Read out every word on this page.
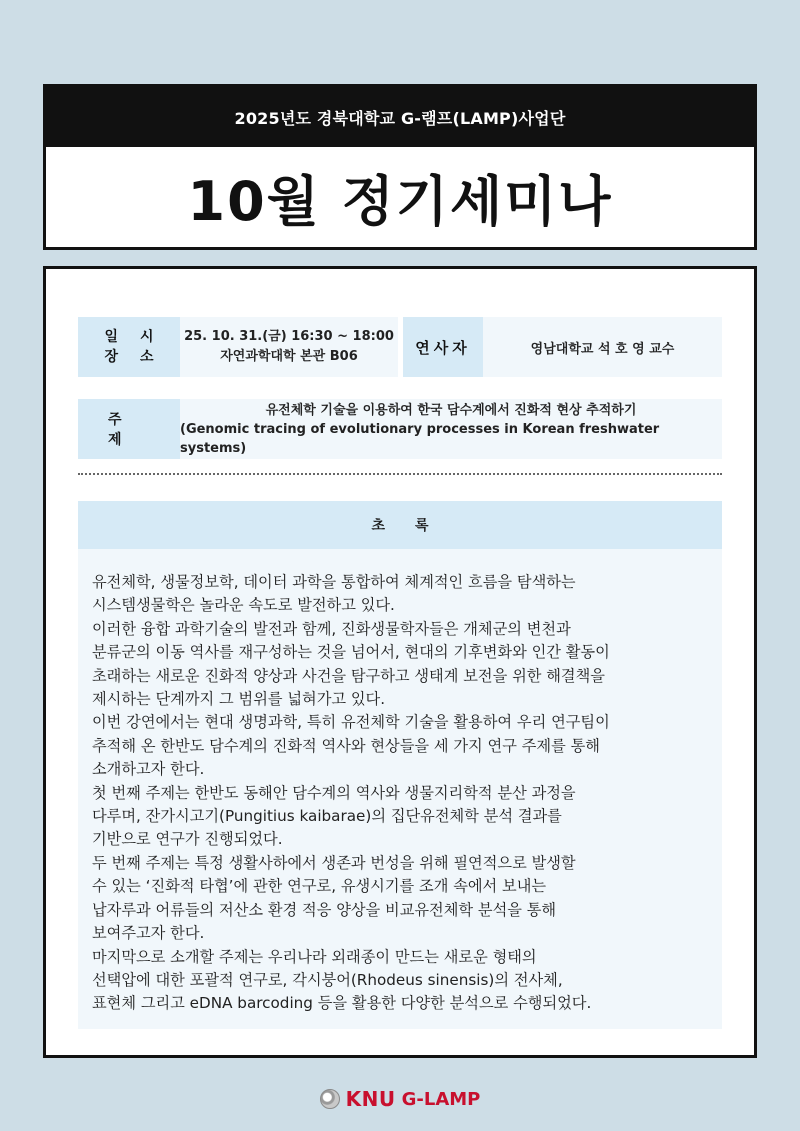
2025년도 경북대학교 G-램프(LAMP)사업단
10월 정기세미나
일시
장소
25. 10. 31.(금) 16:30 ~ 18:00
자연과학대학 본관 B06	연사자	영남대학교 석 호 영 교수
주제
유전체학 기술을 이용하여 한국 담수계에서 진화적 현상 추적하기
(Genomic tracing of evolutionary processes in Korean freshwater systems)
초록
유전체학, 생물정보학, 데이터 과학을 통합하여 체계적인 흐름을 탐색하는
시스템생물학은 놀라운 속도로 발전하고 있다.
이러한 융합 과학기술의 발전과 함께, 진화생물학자들은 개체군의 변천과
분류군의 이동 역사를 재구성하는 것을 넘어서, 현대의 기후변화와 인간 활동이
초래하는 새로운 진화적 양상과 사건을 탐구하고 생태계 보전을 위한 해결책을
제시하는 단계까지 그 범위를 넓혀가고 있다.
이번 강연에서는 현대 생명과학, 특히 유전체학 기술을 활용하여 우리 연구팀이
추적해 온 한반도 담수계의 진화적 역사와 현상들을 세 가지 연구 주제를 통해
소개하고자 한다.
첫 번째 주제는 한반도 동해안 담수계의 역사와 생물지리학적 분산 과정을
다루며, 잔가시고기(Pungitius kaibarae)의 집단유전체학 분석 결과를
기반으로 연구가 진행되었다.
두 번째 주제는 특정 생활사하에서 생존과 번성을 위해 필연적으로 발생할
수 있는 ‘진화적 타협’에 관한 연구로, 유생시기를 조개 속에서 보내는
납자루과 어류들의 저산소 환경 적응 양상을 비교유전체학 분석을 통해
보여주고자 한다.
마지막으로 소개할 주제는 우리나라 외래종이 만드는 새로운 형태의
선택압에 대한 포괄적 연구로, 각시붕어(Rhodeus sinensis)의 전사체,
표현체 그리고 eDNA barcoding 등을 활용한 다양한 분석으로 수행되었다.
KNU G-LAMP
